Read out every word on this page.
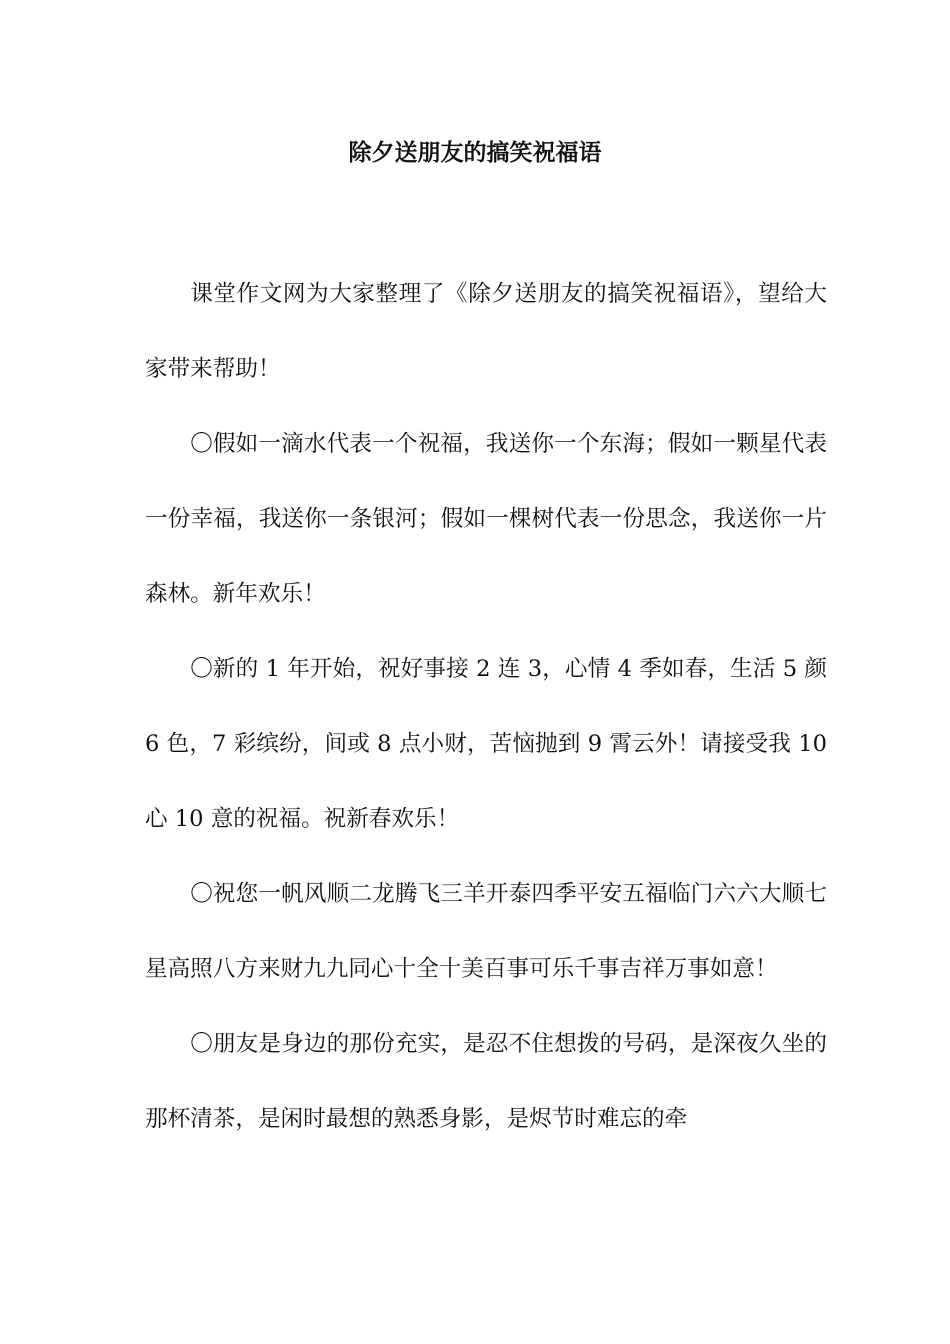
除夕送朋友的搞笑祝福语

课堂作文网为大家整理了《除夕送朋友的搞笑祝福语》，望给大家带来帮助！

〇假如一滴水代表一个祝福，我送你一个东海；假如一颗星代表一份幸福，我送你一条银河；假如一棵树代表一份思念，我送你一片森林。新年欢乐！

〇新的 1 年开始，祝好事接 2 连 3，心情 4 季如春，生活 5 颜 6 色，7 彩缤纷，间或 8 点小财，苦恼抛到 9 霄云外！请接受我 10 心 10 意的祝福。祝新春欢乐！

〇祝您一帆风顺二龙腾飞三羊开泰四季平安五福临门六六大顺七星高照八方来财九九同心十全十美百事可乐千事吉祥万事如意！

〇朋友是身边的那份充实，是忍不住想拨的号码，是深夜久坐的那杯清茶，是闲时最想的熟悉身影，是烬节时难忘的牵
